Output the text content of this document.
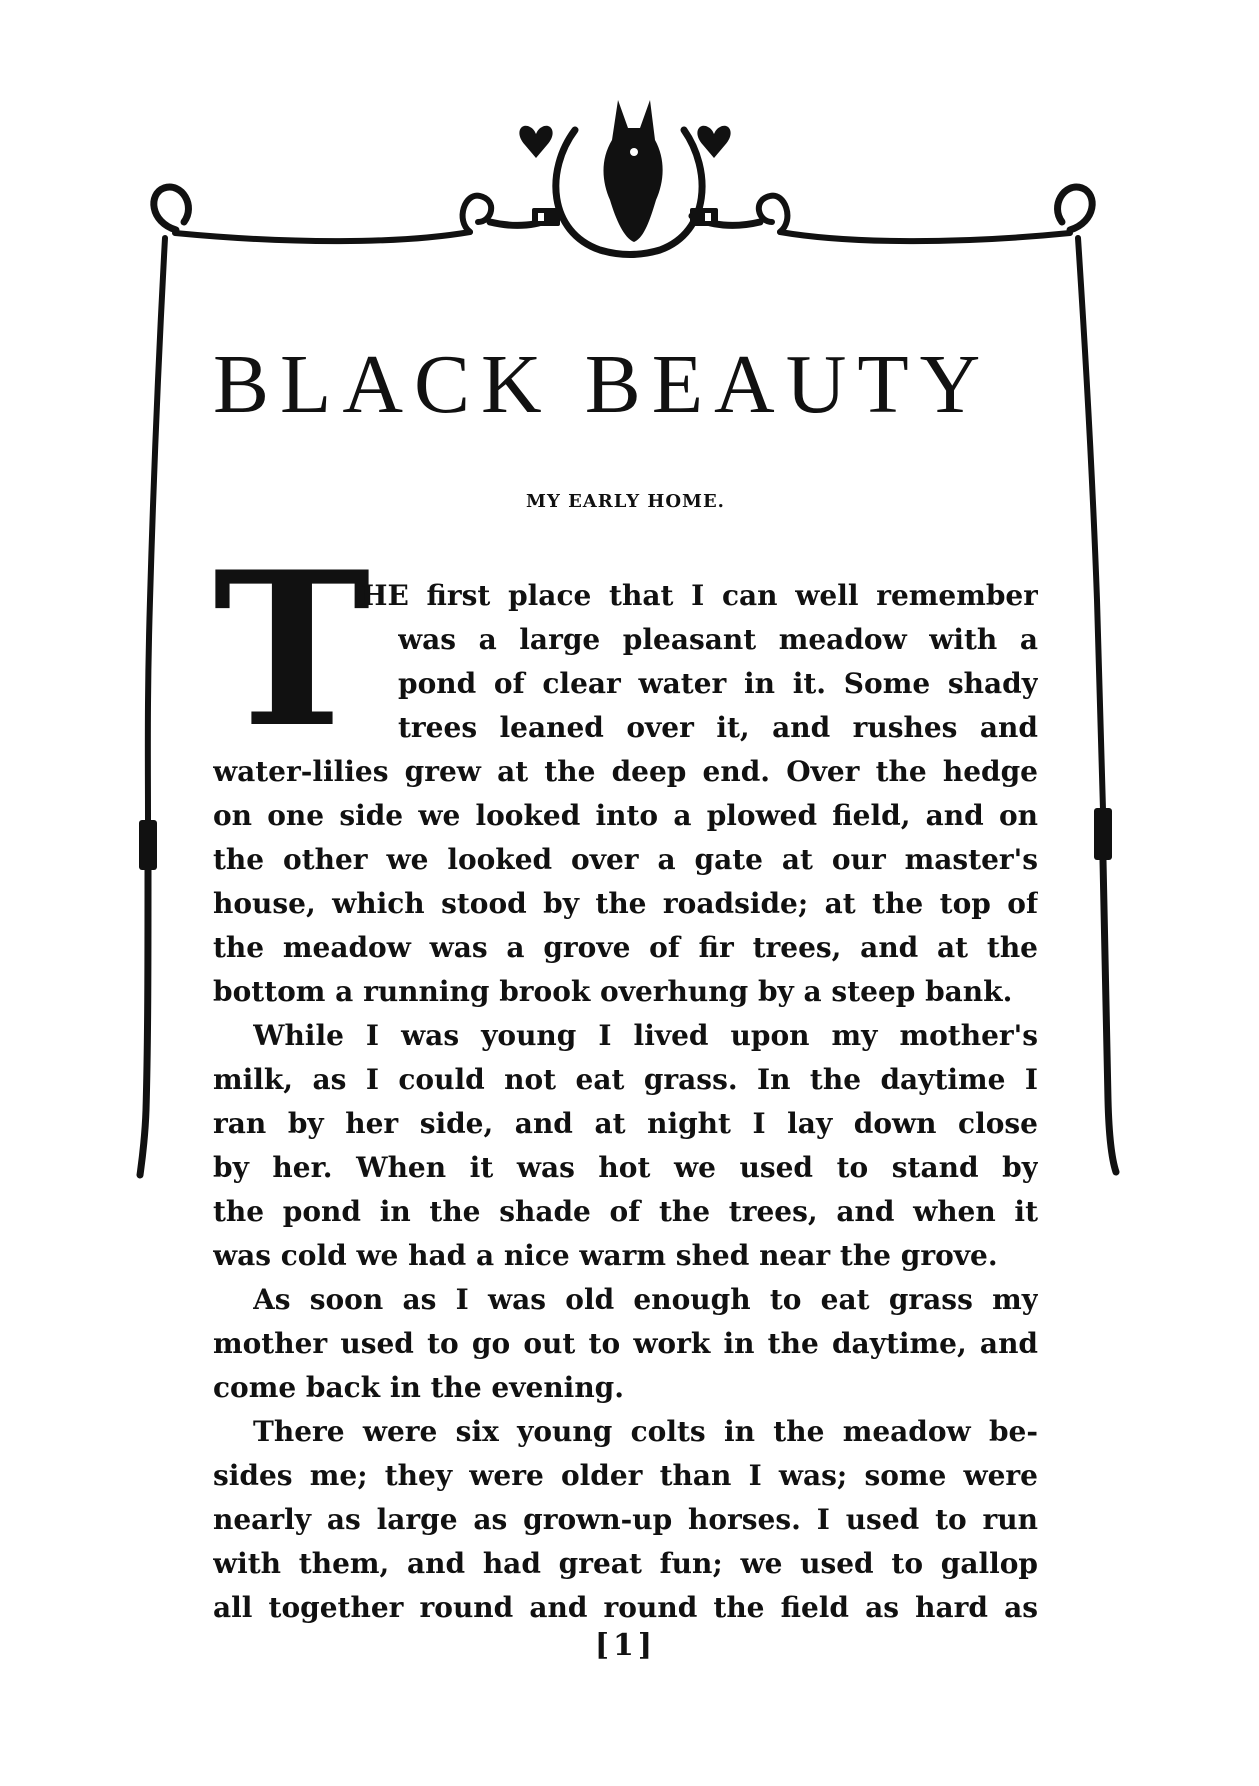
BLACK BEAUTY
MY EARLY HOME.
T
HE first place that I can well remember
was a large pleasant meadow with a
pond of clear water in it. Some shady
trees leaned over it, and rushes and
water-lilies grew at the deep end. Over the hedge
on one side we looked into a plowed field, and on
the other we looked over a gate at our master's
house, which stood by the roadside; at the top of
the meadow was a grove of fir trees, and at the
bottom a running brook overhung by a steep bank.
While I was young I lived upon my mother's
milk, as I could not eat grass. In the daytime I
ran by her side, and at night I lay down close
by her. When it was hot we used to stand by
the pond in the shade of the trees, and when it
was cold we had a nice warm shed near the grove.
As soon as I was old enough to eat grass my
mother used to go out to work in the daytime, and
come back in the evening.
There were six young colts in the meadow be-
sides me; they were older than I was; some were
nearly as large as grown-up horses. I used to run
with them, and had great fun; we used to gallop
all together round and round the field as hard as
[1]
